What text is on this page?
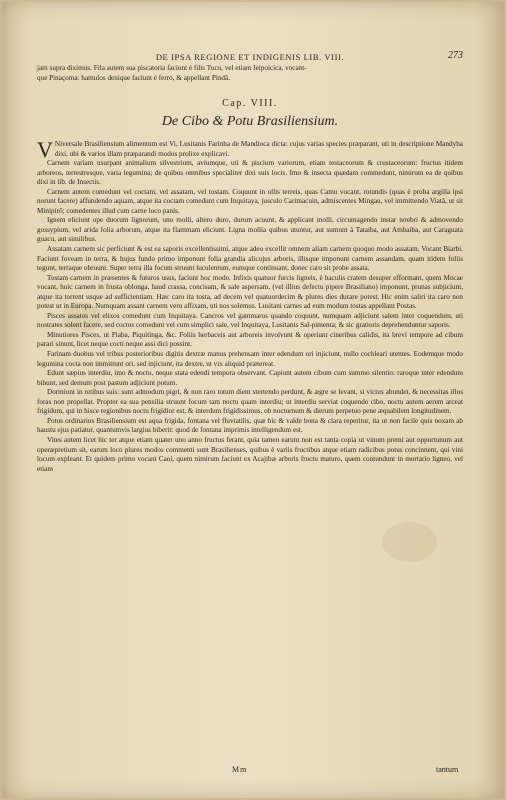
DE IPSA REGIONE ET INDIGENIS LIB. VIII.	273

jam supra diximus. Fila autem sua piscatoria faciunt è filis Tucu, vel etiam Ieipoicica, vocant-

que Pinaçoma: hamulos denique faciunt è ferro, & appellant Pindâ.

Cap. VIII.
De Cibo & Potu Brasiliensium.

V Niversale Brasiliensium alimentum est Vi, Lusitanis Farinha de Mandioca dicta: cujus varias species præparant, uti in descriptione Mandyba dixi, ubi & varios illam præparandi modos prolixe explicavi.

Carnem variam usurpant animalium silvestrium, aviumque, uti & piscium variorum, etiam testaceorum & crustaceorum: fructus itidem arboreos, terrestresque, varia legumina; de quibus omnibus specialiter dixi suis locis. Imo & insecta quædam commedunt, nimirum ea de quibus dixi in lib. de Insectis.

Carnem autem comedunt vel coctam, vel assatam, vel tostam. Coquunt in ollis terreis, quas Camu vocant, rotundis (quas è proba argilla ipsi norunt facere) affundendo aquam, atque ita coctam comedunt cum Inquitaya, jusculo Carimacuin, admiscentes Mingau, vel immittendo Viatâ, ut sit Minipirô; comedentes illud cum carne loco panis.

Ignem eliciunt ope duorum lignorum, uno molli, altero duro, durum acuunt, & applicant molli, circumagendo instar terebri & admovendo gossypium, vel arida folia arborum, atque ita flammam eliciunt. Ligna mollia quibus utuntur, aut sumunt à Tataiba, aut Ambaiba, aut Caraguata guacu, aut similibus.

Assatam carnem sic perficiunt & est ea saporis excellentissimi, atque adeo excellit omnem aliam carnem quoquo modo assatam. Vocant Biarbi. Faciunt foveam in terra, & hujus fundo primo imponunt folia grandia alicujus arboris, illisque imponunt carnem assandam, quam itidem foliis tegunt, terraque obruunt. Super terra illa focum struunt luculentum, eumque continuant, donec caro sit probe assata.

Tostam carnem in præsentes & futuros usus, faciunt hoc modo. Infixis quatuor furcis ligneis, è baculis cratem desuper efformant, quem Mocae vocant, huic carnem in frusta oblonga, haud crassa, concisam, & sale aspersam, (vel illius defectu pipere Brasiliano) imponunt, prunas subjiciunt, atque ita torrent usque ad sufficientiam. Hæc caro ita tosta, ad decem vel quatuordecim & plures dies durare potest. Hic enim saliri ita caro non potest ut in Europa. Numquam assant carnem veru affixam, uti nos solemus. Lusitani carnes ad eum modum tostas appellant Postas.

Pisces assatos vel elixos comedunt cum Inquitaya. Cancros vel gammaros quando coquunt, numquam adjiciunt salem inter coquendum, uti nostrates solent facere, sed coctos comedunt vel cum simplici sale, vel Inquitaya, Lusitanis Sal-pimenta; & sic gratioris deprehenduntur saporis.

Minutiores Pisces, ut Piaba, Piquitinga, &c. Foliis herbaceis aut arboreis involvunt & operiunt cineribus calidis, ita brevi tempore ad cibum parari sinunt, licet neque cocti neque assi dici possint.

Farinam duobus vel tribus posterioribus digitis dextræ manus prehensam inter edendum ori injiciunt, nullo cochleari utentes. Eodemque modo legumina cocta non immittunt ori, sed injiciunt, ita dextre, ut vix aliquid prætereat.

Edunt sæpius interdiu, imo & noctu, neque stata edendi tempora observant. Capiunt autem cibum cum summo silentio: raroque inter edendum bibunt, sed demum post pastum adjiciunt potum.

Dormiunt in retibus suis: sunt admodum pigri, & non raro totum diem stertendo perdunt, & ægre se levant, si victus abundet, & necessitas illos foras non propellat. Propter ea sua pensilia struunt focum tam noctu quam interdiu; ut interdiu serviat coquendo cibo, noctu autem aerem arceat frigidum, qui in hisce regionibus noctu frigidior est, & interdum frigidissimus, ob nocturnum & dierum perpetuo pene æquabilem longitudinem.

Potus ordinarius Brasiliensium est aqua frigida, fontana vel fluviatilis, quæ hic & valde bona & clara reperitur, ita ut non facile quis noxam ab haustu ejus patiatur, quantumvis largius biberit: quod de fontana imprimis intelligendum est.

Vites autem licet hic ter atque etiam quater uno anno fructus ferant, quia tamen earum non est tanta copia ut vinum premi aut opportunum aut operæpretium sit, earum loco plures modos commenti sunt Brasilienses, quibus è variis fructibus atque etiam radicibus potus concinnent, qui vini locum expleant. Et quidem primo vocant Caoi, quem nimirum faciunt ex Acajibæ arboris fructu maturo, quem contundunt in mortario ligneo, vel etiam

Mm	tantum
